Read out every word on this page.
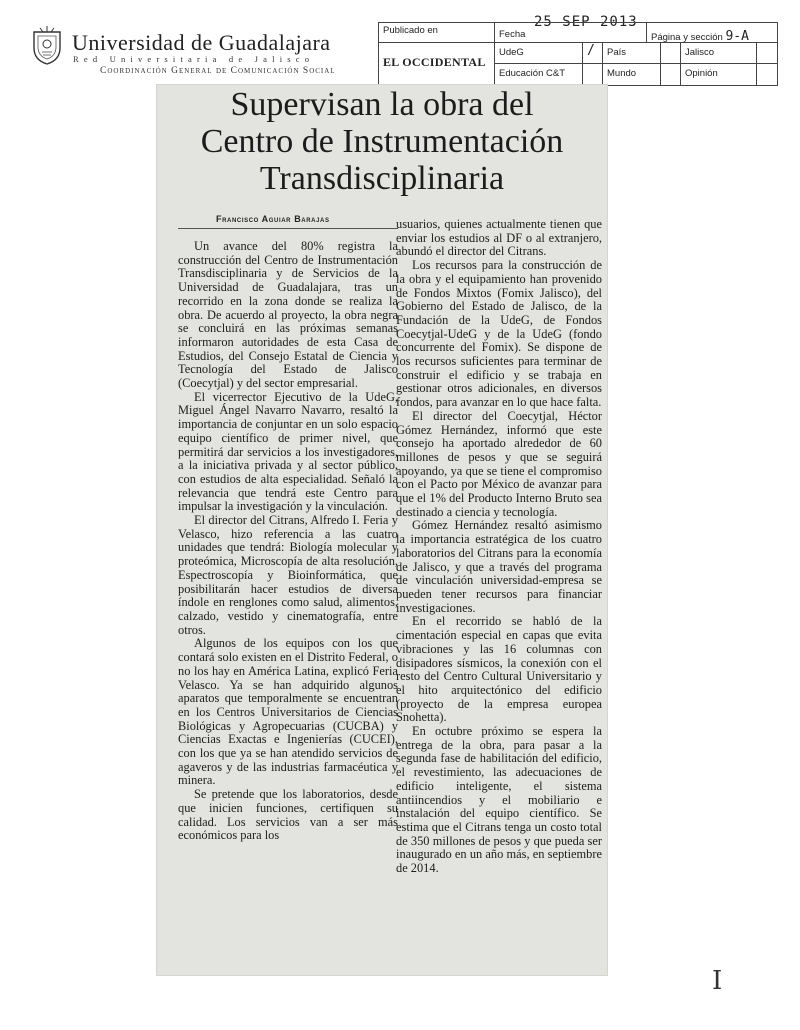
Universidad de Guadalajara
Red Universitaria de Jalisco
Coordinación General de Comunicación Social
25 SEP 2013
Publicado en
EL OCCIDENTAL
Fecha	Página y sección 9-A
UdeG	/	País	Jalisco
Educación C&T	Mundo	Opinión
Supervisan la obra del
Centro de Instrumentación
Transdisciplinaria
Francisco Aguiar Barajas

Un avance del 80% registra la construcción del Centro de Instrumentación Transdisciplinaria y de Servicios de la Universidad de Guadalajara, tras un recorrido en la zona donde se realiza la obra. De acuerdo al proyecto, la obra negra se concluirá en las próximas semanas informaron autoridades de esta Casa de Estudios, del Consejo Estatal de Ciencia y Tecnología del Estado de Jalisco (Coecytjal) y del sector empresarial.

El vicerrector Ejecutivo de la UdeG, Miguel Ángel Navarro Navarro, resaltó la importancia de conjuntar en un solo espacio equipo científico de primer nivel, que permitirá dar servicios a los investigadores, a la iniciativa privada y al sector público, con estudios de alta especialidad. Señaló la relevancia que tendrá este Centro para impulsar la investigación y la vinculación.

El director del Citrans, Alfredo I. Feria y Velasco, hizo referencia a las cuatro unidades que tendrá: Biología molecular y proteómica, Microscopía de alta resolución, Espectroscopía y Bioinformática, que posibilitarán hacer estudios de diversa índole en renglones como salud, alimentos, calzado, vestido y cinematografía, entre otros.

Algunos de los equipos con los que contará solo existen en el Distrito Federal, o no los hay en América Latina, explicó Feria Velasco. Ya se han adquirido algunos aparatos que temporalmente se encuentran en los Centros Universitarios de Ciencias Biológicas y Agropecuarias (CUCBA) y Ciencias Exactas e Ingenierías (CUCEI), con los que ya se han atendido servicios de agaveros y de las industrias farmacéutica y minera.

Se pretende que los laboratorios, desde que inicien funciones, certifiquen su calidad. Los servicios van a ser más económicos para los

usuarios, quienes actualmente tienen que enviar los estudios al DF o al extranjero, abundó el director del Citrans.

Los recursos para la construcción de la obra y el equipamiento han provenido de Fondos Mixtos (Fomix Jalisco), del Gobierno del Estado de Jalisco, de la Fundación de la UdeG, de Fondos Coecytjal-UdeG y de la UdeG (fondo concurrente del Fomix). Se dispone de los recursos suficientes para terminar de construir el edificio y se trabaja en gestionar otros adicionales, en diversos fondos, para avanzar en lo que hace falta.

El director del Coecytjal, Héctor Gómez Hernández, informó que este consejo ha aportado alrededor de 60 millones de pesos y que se seguirá apoyando, ya que se tiene el compromiso con el Pacto por México de avanzar para que el 1% del Producto Interno Bruto sea destinado a ciencia y tecnología.

Gómez Hernández resaltó asimismo la importancia estratégica de los cuatro laboratorios del Citrans para la economía de Jalisco, y que a través del programa de vinculación universidad-empresa se pueden tener recursos para financiar investigaciones.

En el recorrido se habló de la cimentación especial en capas que evita vibraciones y las 16 columnas con disipadores sísmicos, la conexión con el resto del Centro Cultural Universitario y el hito arquitectónico del edificio (proyecto de la empresa europea Snohetta).

En octubre próximo se espera la entrega de la obra, para pasar a la segunda fase de habilitación del edificio, el revestimiento, las adecuaciones de edificio inteligente, el sistema antiincendios y el mobiliario e instalación del equipo científico. Se estima que el Citrans tenga un costo total de 350 millones de pesos y que pueda ser inaugurado en un año más, en septiembre de 2014.

I
